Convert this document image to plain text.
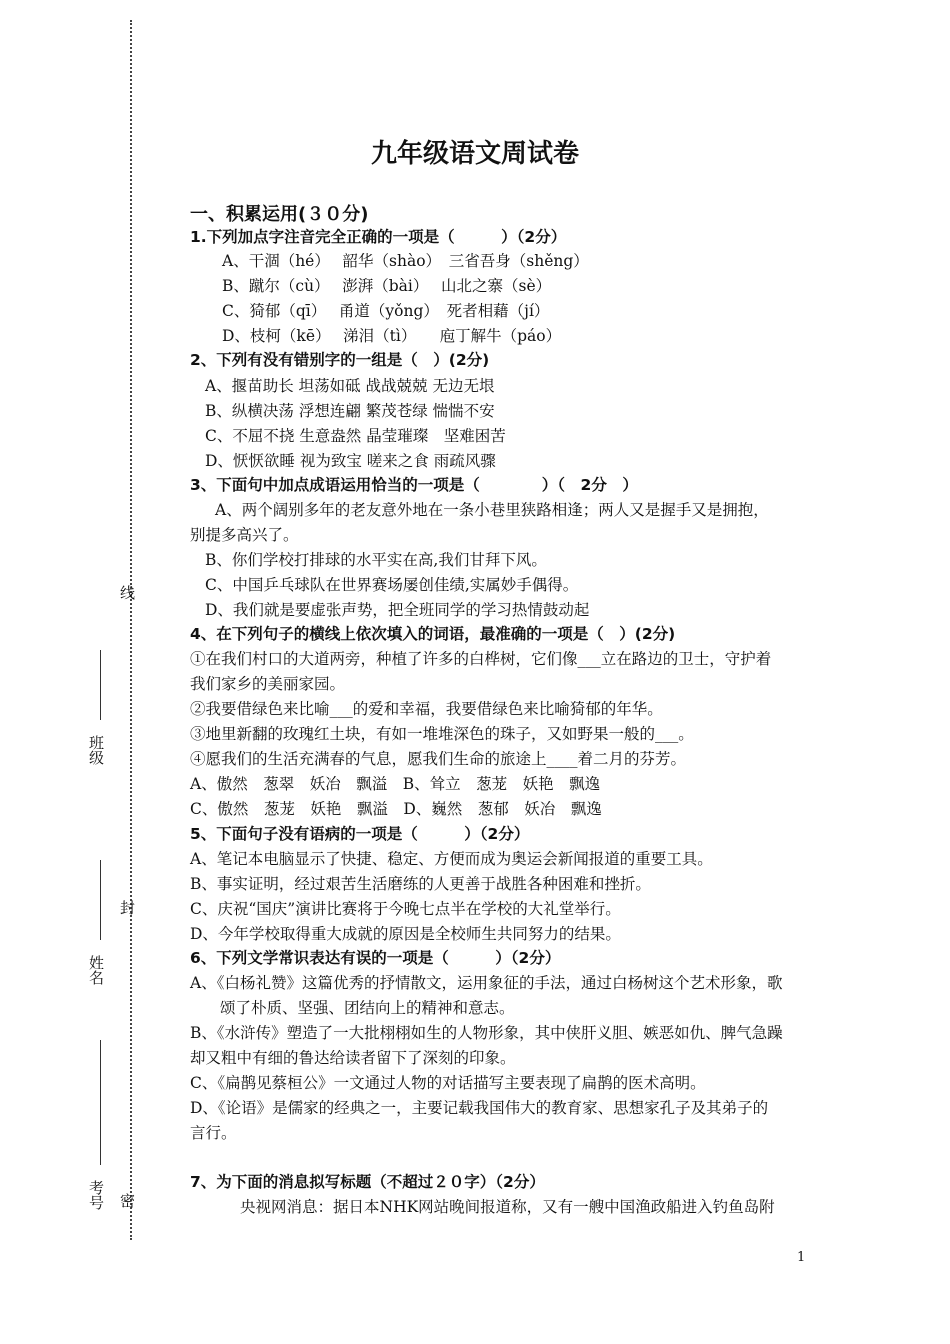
线
封
密
班级
姓名
考号
九年级语文周试卷
一、积累运用(３０分)
1.下列加点字注音完全正确的一项是（　　　）（2分）
A、干涸（hé）　 韶华（shào）　三省吾身（shěng）
B、蹴尔（cù）　 澎湃（bài）　 山北之寨（sè）
C、猗郁（qī）　 甬道（yǒng）　死者相藉（jí）
D、枝柯（kē）　 涕泪（tì）　　庖丁解牛（páo）
2、下列有没有错别字的一组是（　）(2分)
A、揠苗助长 坦荡如砥 战战兢兢 无边无垠
B、纵横决荡 浮想连翩 繁茂苍绿 惴惴不安
C、不屈不挠 生意盎然 晶莹璀璨　坚难困苦
D、恹恹欲睡 视为致宝 嗟来之食 雨疏风骤
3、下面句中加点成语运用恰当的一项是（　　　　）（　2分　）
A、两个阔别多年的老友意外地在一条小巷里狭路相逢；两人又是握手又是拥抱，
别提多高兴了。
B、你们学校打排球的水平实在高,我们甘拜下风。
C、中国乒乓球队在世界赛场屡创佳绩,实属妙手偶得。
D、我们就是要虚张声势，把全班同学的学习热情鼓动起
4、在下列句子的横线上依次填入的词语，最准确的一项是（　）(2分)
①在我们村口的大道两旁，种植了许多的白桦树，它们像___立在路边的卫士，守护着
我们家乡的美丽家园。
②我要借绿色来比喻___的爱和幸福，我要借绿色来比喻猗郁的年华。
③地里新翻的玫瑰红土块，有如一堆堆深色的珠子，又如野果一般的___。
④愿我们的生活充满春的气息，愿我们生命的旅途上____着二月的芬芳。
A、傲然　葱翠　妖冶　飘溢　B、耸立　葱茏　妖艳　飘逸
C、傲然　葱茏　妖艳　飘溢　D、巍然　葱郁　妖冶　飘逸
5、下面句子没有语病的一项是（　　　）（2分）
A、笔记本电脑显示了快捷、稳定、方便而成为奥运会新闻报道的重要工具。
B、事实证明，经过艰苦生活磨练的人更善于战胜各种困难和挫折。
C、庆祝“国庆”演讲比赛将于今晚七点半在学校的大礼堂举行。
D、今年学校取得重大成就的原因是全校师生共同努力的结果。
6、下列文学常识表达有误的一项是（　　　）（2分）
A、《白杨礼赞》这篇优秀的抒情散文，运用象征的手法，通过白杨树这个艺术形象，歌
颂了朴质、坚强、团结向上的精神和意志。
B、《水浒传》塑造了一大批栩栩如生的人物形象，其中侠肝义胆、嫉恶如仇、脾气急躁
却又粗中有细的鲁达给读者留下了深刻的印象。
C、《扁鹊见蔡桓公》一文通过人物的对话描写主要表现了扁鹊的医术高明。
D、《论语》是儒家的经典之一，主要记载我国伟大的教育家、思想家孔子及其弟子的
言行。
7、为下面的消息拟写标题（不超过２０字）（2分）
央视网消息：据日本NHK网站晚间报道称，又有一艘中国渔政船进入钓鱼岛附
1
